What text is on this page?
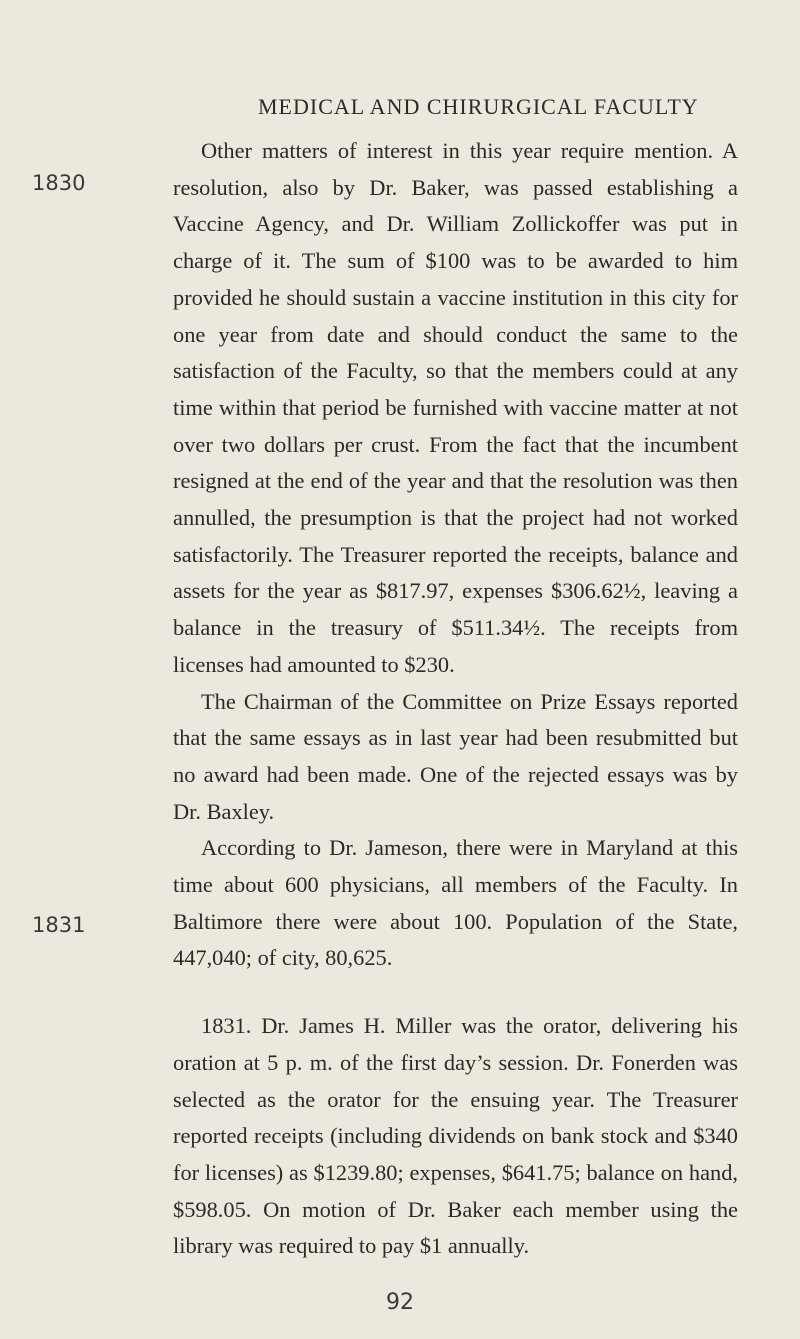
MEDICAL AND CHIRURGICAL FACULTY
1830
1831

Other matters of interest in this year require mention. A resolution, also by Dr. Baker, was passed establishing a Vaccine Agency, and Dr. William Zollickoffer was put in charge of it. The sum of $100 was to be awarded to him provided he should sustain a vaccine institution in this city for one year from date and should conduct the same to the satisfaction of the Faculty, so that the members could at any time within that period be furnished with vaccine matter at not over two dollars per crust. From the fact that the incumbent resigned at the end of the year and that the resolution was then annulled, the presumption is that the project had not worked satisfactorily. The Treasurer reported the receipts, balance and assets for the year as $817.97, expenses $306.62½, leaving a balance in the treasury of $511.34½. The receipts from licenses had amounted to $230.

The Chairman of the Committee on Prize Essays reported that the same essays as in last year had been resubmitted but no award had been made. One of the rejected essays was by Dr. Baxley.

According to Dr. Jameson, there were in Maryland at this time about 600 physicians, all members of the Faculty. In Baltimore there were about 100. Population of the State, 447,040; of city, 80,625.

1831. Dr. James H. Miller was the orator, delivering his oration at 5 p. m. of the first day’s session. Dr. Fonerden was selected as the orator for the ensuing year. The Treasurer reported receipts (including dividends on bank stock and $340 for licenses) as $1239.80; expenses, $641.75; balance on hand, $598.05. On motion of Dr. Baker each member using the library was required to pay $1 annually.

92
